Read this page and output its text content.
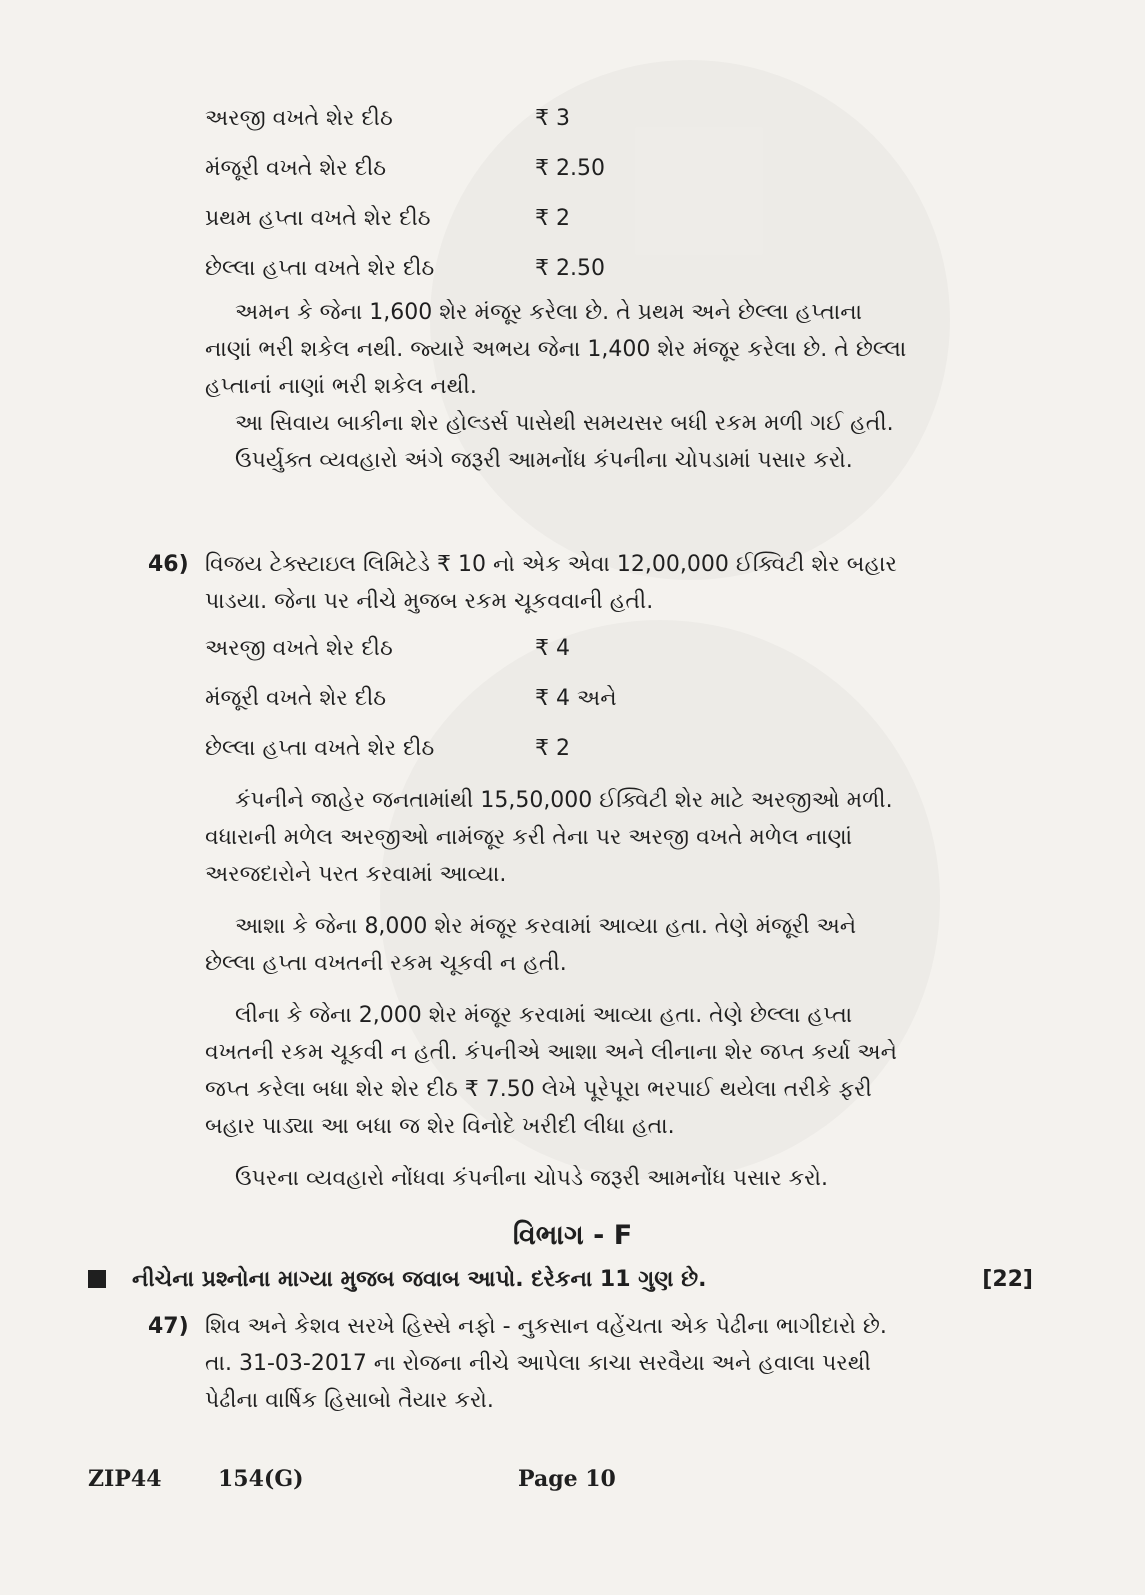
અરજી વખતે શેર દીઠ	₹ 3
મંજૂરી વખતે શેર દીઠ	₹ 2.50
પ્રથમ હપ્તા વખતે શેર દીઠ	₹ 2
છેલ્લા હપ્તા વખતે શેર દીઠ	₹ 2.50

અમન કે જેના 1,600 શેર મંજૂર કરેલા છે. તે પ્રથમ અને છેલ્લા હપ્તાના નાણાં ભરી શકેલ નથી. જ્યારે અભય જેના 1,400 શેર મંજૂર કરેલા છે. તે છેલ્લા હપ્તાનાં નાણાં ભરી શકેલ નથી.

આ સિવાય બાકીના શેર હોલ્ડર્સ પાસેથી સમયસર બધી રકમ મળી ગઈ હતી.

ઉપર્યુક્ત વ્યવહારો અંગે જરૂરી આમનોંધ કંપનીના ચોપડામાં પસાર કરો.

46) વિજય ટેક્સ્ટાઇલ લિમિટેડે ₹ 10 નો એક એવા 12,00,000 ઈક્વિટી શેર બહાર પાડયા. જેના પર નીચે મુજબ રકમ ચૂકવવાની હતી.

અરજી વખતે શેર દીઠ	₹ 4
મંજૂરી વખતે શેર દીઠ	₹ 4 અને
છેલ્લા હપ્તા વખતે શેર દીઠ	₹ 2

કંપનીને જાહેર જનતામાંથી 15,50,000 ઈક્વિટી શેર માટે અરજીઓ મળી. વધારાની મળેલ અરજીઓ નામંજૂર કરી તેના પર અરજી વખતે મળેલ નાણાં અરજદારોને પરત કરવામાં આવ્યા.

આશા કે જેના 8,000 શેર મંજૂર કરવામાં આવ્યા હતા. તેણે મંજૂરી અને છેલ્લા હપ્તા વખતની રકમ ચૂકવી ન હતી.

લીના કે જેના 2,000 શેર મંજૂર કરવામાં આવ્યા હતા. તેણે છેલ્લા હપ્તા વખતની રકમ ચૂકવી ન હતી. કંપનીએ આશા અને લીનાના શેર જપ્ત કર્યા અને જપ્ત કરેલા બધા શેર શેર દીઠ ₹ 7.50 લેખે પૂરેપૂરા ભરપાઈ થયેલા તરીકે ફરી બહાર પાડ્યા આ બધા જ શેર વિનોદે ખરીદી લીધા હતા.

ઉપરના વ્યવહારો નોંધવા કંપનીના ચોપડે જરૂરી આમનોંધ પસાર કરો.

વિભાગ - F
નીચેના પ્રશ્નોના માગ્યા મુજબ જવાબ આપો. દરેકના 11 ગુણ છે.	[22]
47) શિવ અને કેશવ સરખે હિસ્સે નફો - નુકસાન વહેંચતા એક પેઢીના ભાગીદારો છે. તા. 31-03-2017 ના રોજના નીચે આપેલા કાચા સરવૈયા અને હવાલા પરથી પેઢીના વાર્ષિક હિસાબો તૈયાર કરો.

ZIP44	154(G)	Page 10
